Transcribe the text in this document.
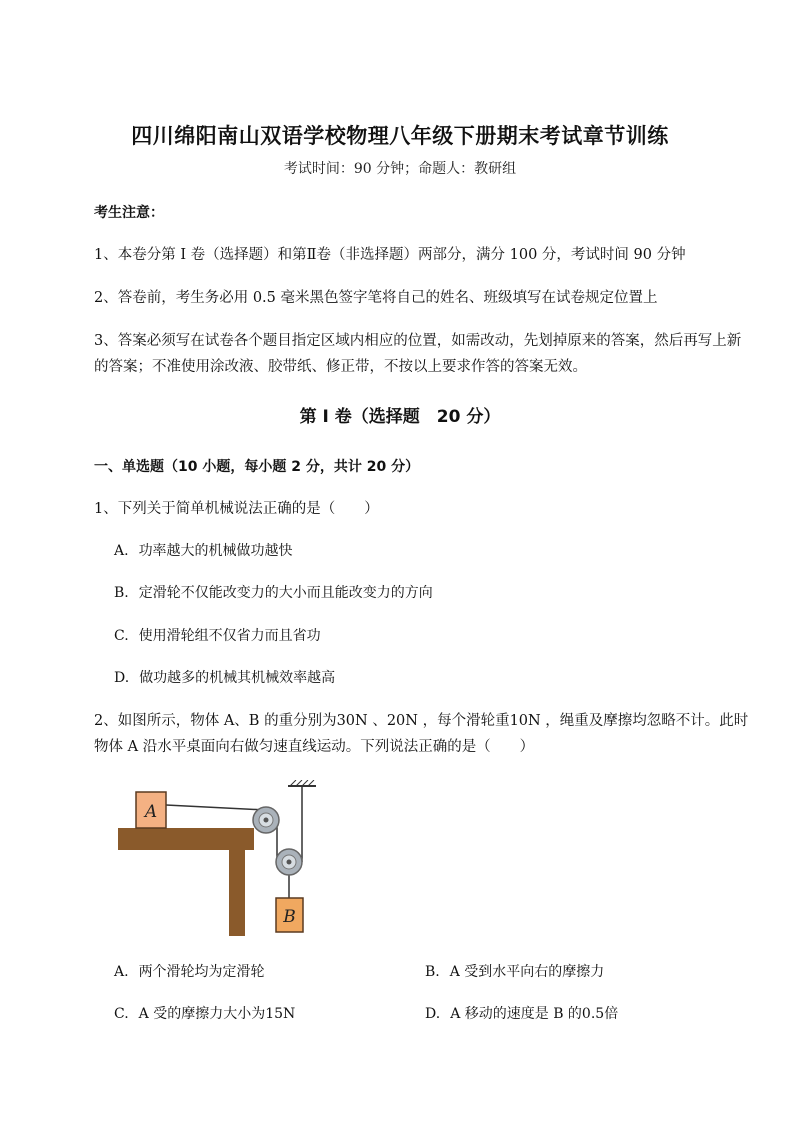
四川绵阳南山双语学校物理八年级下册期末考试章节训练
考试时间：90 分钟；命题人：教研组
考生注意：
1、本卷分第 I 卷（选择题）和第Ⅱ卷（非选择题）两部分，满分 100 分，考试时间 90 分钟
2、答卷前，考生务必用 0.5 毫米黑色签字笔将自己的姓名、班级填写在试卷规定位置上
3、答案必须写在试卷各个题目指定区域内相应的位置，如需改动，先划掉原来的答案，然后再写上新
的答案；不准使用涂改液、胶带纸、修正带，不按以上要求作答的答案无效。
第 I 卷（选择题　20 分）
一、单选题（10 小题，每小题 2 分，共计 20 分）
1、下列关于简单机械说法正确的是（　　）
A. 功率越大的机械做功越快
B. 定滑轮不仅能改变力的大小而且能改变力的方向
C. 使用滑轮组不仅省力而且省功
D. 做功越多的机械其机械效率越高
2、如图所示，物体 A、B 的重分别为30N 、20N ，每个滑轮重10N ，绳重及摩擦均忽略不计。此时
物体 A 沿水平桌面向右做匀速直线运动。下列说法正确的是（　　）
A
B
A. 两个滑轮均为定滑轮	B. A 受到水平向右的摩擦力
C. A 受的摩擦力大小为15N	D. A 移动的速度是 B 的0.5倍
